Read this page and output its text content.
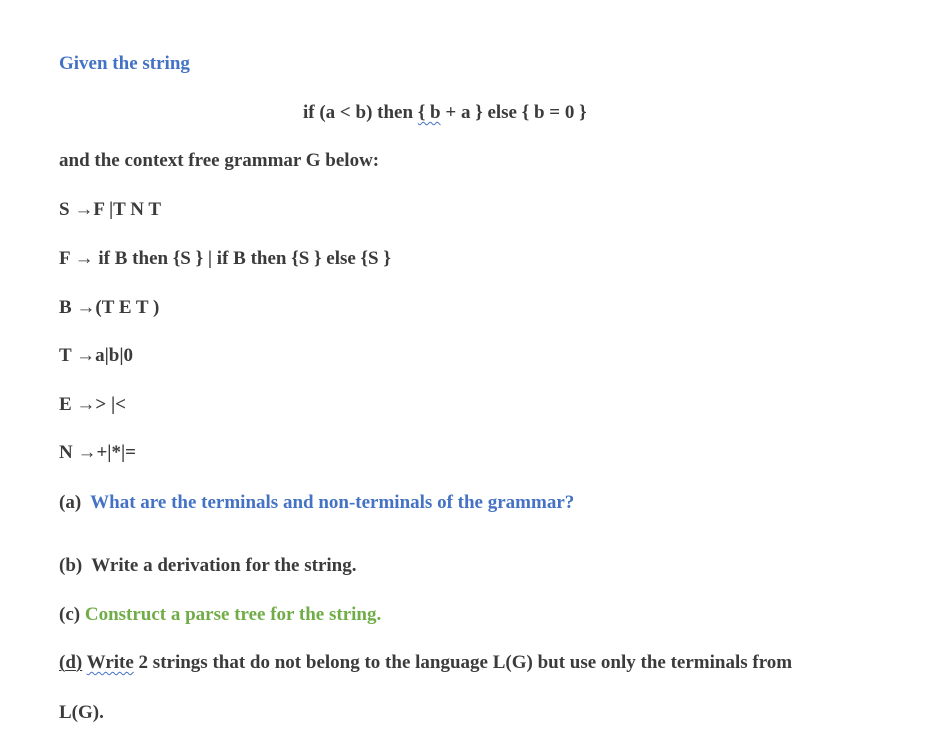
Given the string
if (a < b) then { b + a } else { b = 0 }
and the context free grammar G below:
S →F |T N T
F → if B then {S } | if B then {S } else {S }
B →(T E T )
T →a|b|0
E →> |<
N →+|*|=
(a) What are the terminals and non-terminals of the grammar?
(b) Write a derivation for the string.
(c) Construct a parse tree for the string.
(d) Write 2 strings that do not belong to the language L(G) but use only the terminals from
L(G).
